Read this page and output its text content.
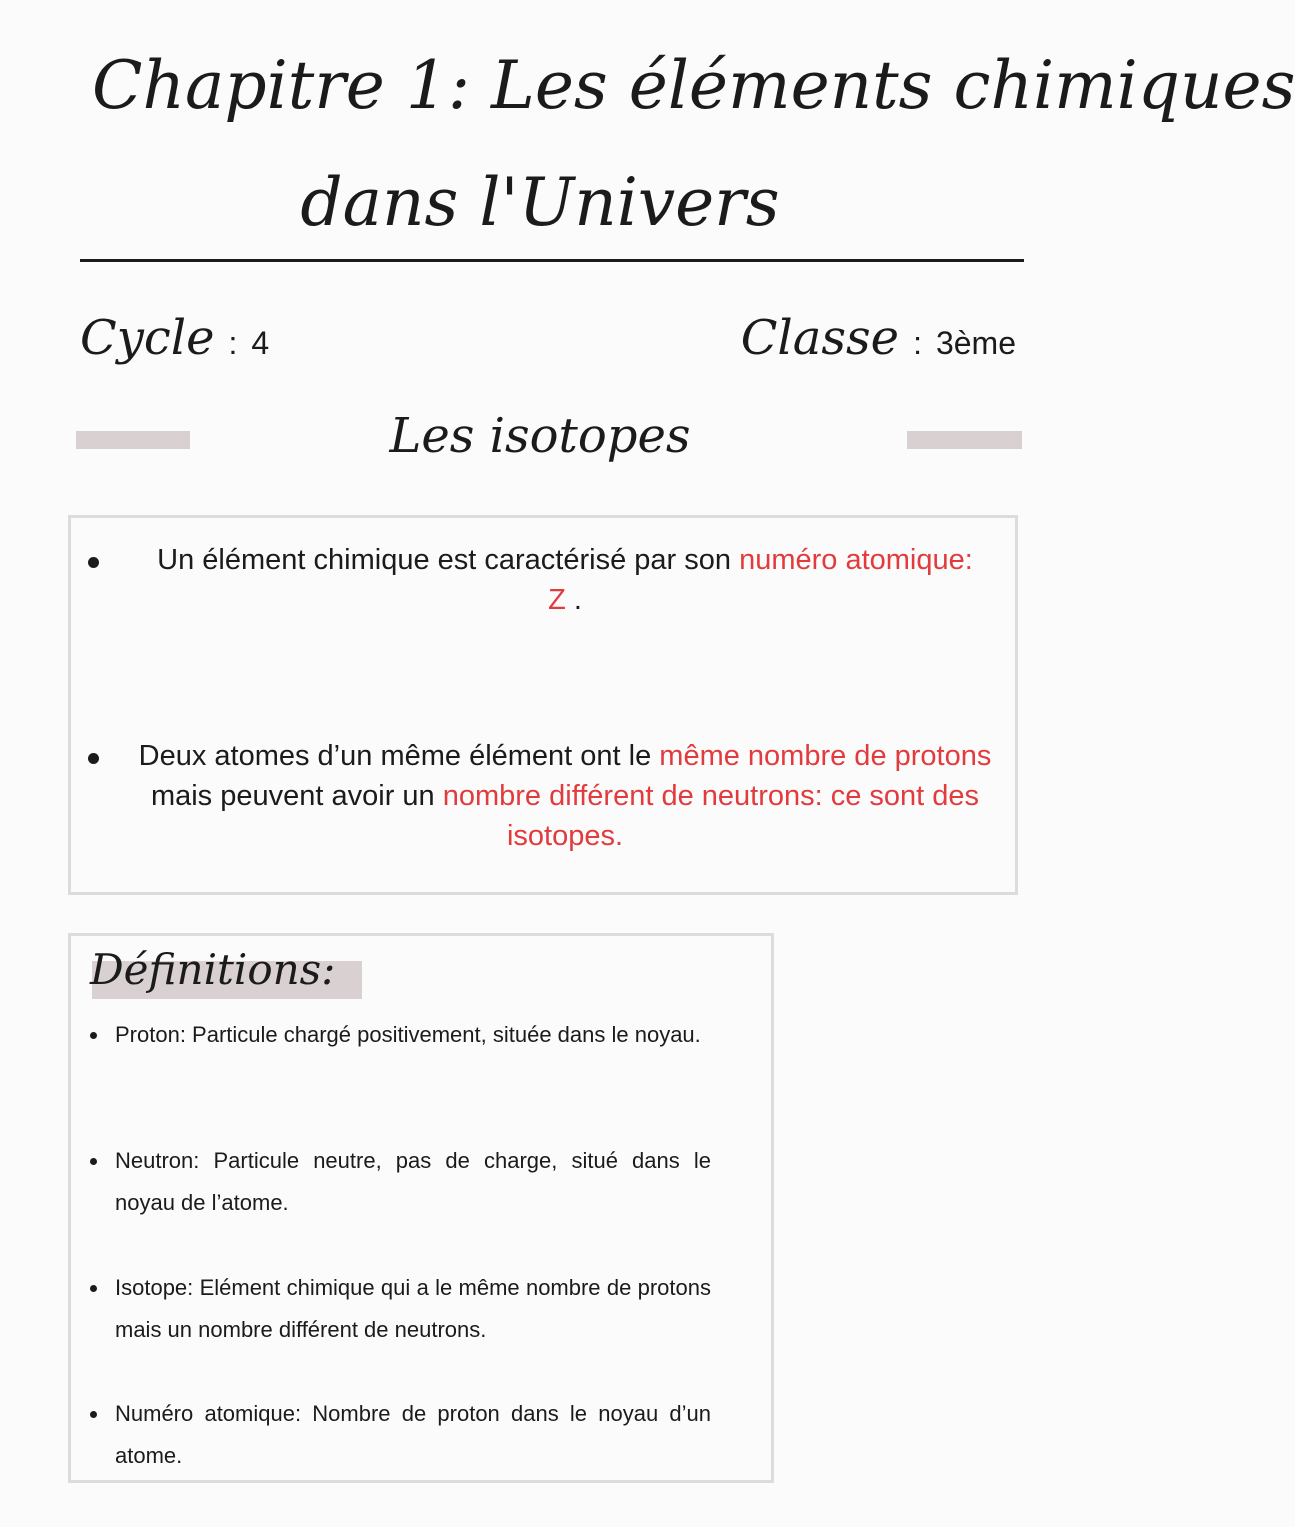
Chapitre 1: Les éléments chimiques
dans l'Univers
Cycle : 4	Classe : 3ème
Les isotopes
Un élément chimique est caractérisé par son numéro atomique: Z .
Deux atomes d’un même élément ont le même nombre de protons mais peuvent avoir un nombre différent de neutrons: ce sont des isotopes.
Définitions:
Proton: Particule chargé positivement, située dans le noyau.
Neutron: Particule neutre, pas de charge, situé dans le noyau de l’atome.
Isotope: Elément chimique qui a le même nombre de protons mais un nombre différent de neutrons.
Numéro atomique: Nombre de proton dans le noyau d’un atome.
